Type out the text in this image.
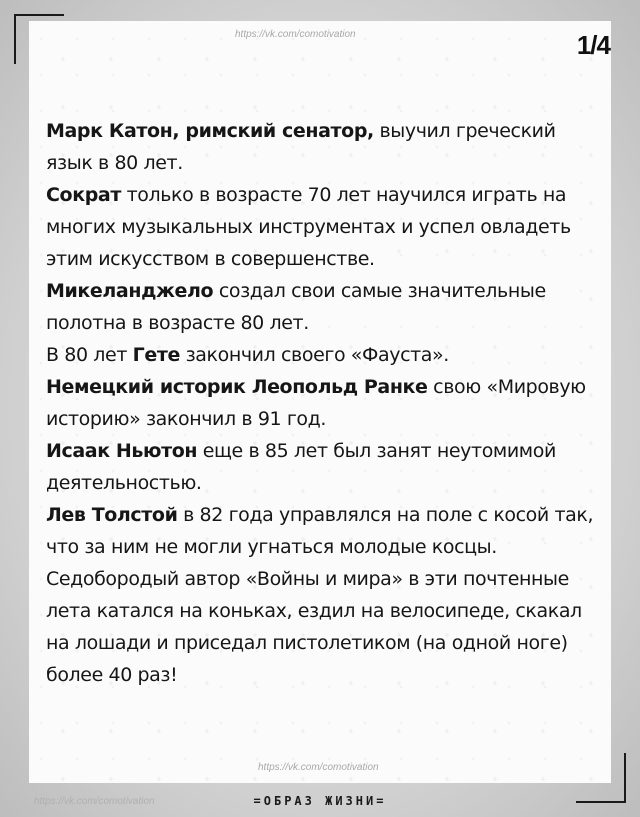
https://vk.com/comotivation	1/4

Марк Катон, римский сенатор, выучил греческий язык в 80 лет.

Сократ только в возрасте 70 лет научился играть на многих музыкальных инструментах и успел овладеть этим искусством в совершенстве.

Микеланджело создал свои самые значительные полотна в возрасте 80 лет.

В 80 лет Гете закончил своего «Фауста».

Немецкий историк Леопольд Ранке свою «Мировую историю» закончил в 91 год.

Исаак Ньютон еще в 85 лет был занят неутомимой деятельностью.

Лев Толстой в 82 года управлялся на поле с косой так, что за ним не могли угнаться молодые косцы. Седобородый автор «Войны и мира» в эти почтенные лета катался на коньках, ездил на велосипеде, скакал на лошади и приседал пистолетиком (на одной ноге) более 40 раз!

https://vk.com/comotivation
https://vk.com/comotivation	=ОБРАЗ ЖИЗНИ=
